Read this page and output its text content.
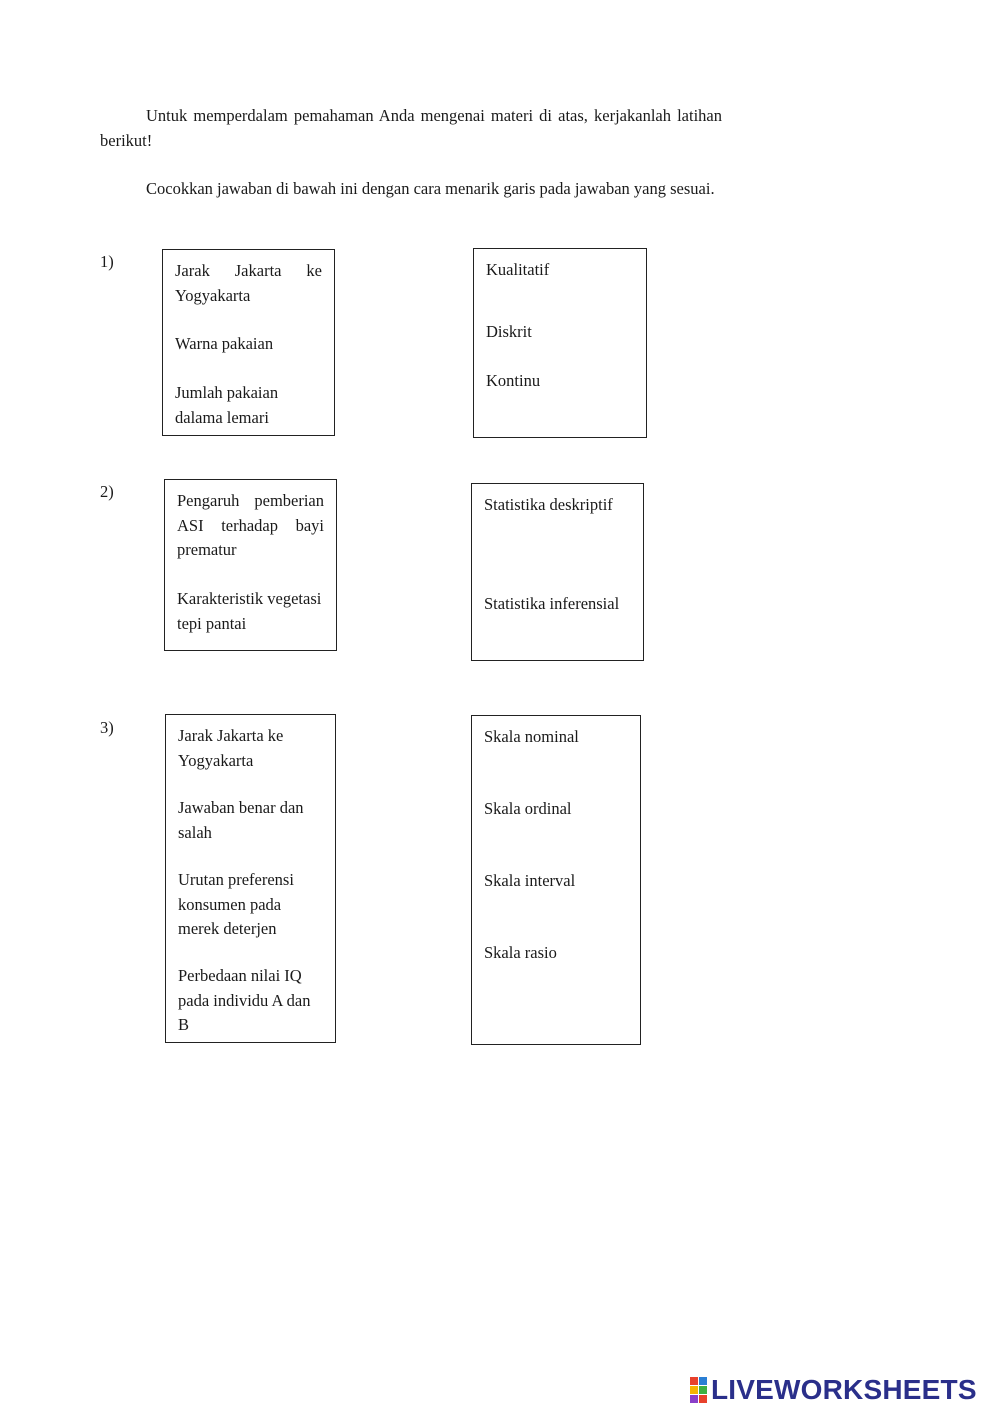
Untuk memperdalam pemahaman Anda mengenai materi di atas, kerjakanlah latihan berikut!
Cocokkan jawaban di bawah ini dengan cara menarik garis pada jawaban yang sesuai.
1)	Jarak Jakarta ke Yogyakarta
Warna pakaian
Jumlah pakaian dalama lemari
Kualitatif
Diskrit
Kontinu
2)	Pengaruh pemberian ASI terhadap bayi prematur
Karakteristik vegetasi tepi pantai
Statistika deskriptif
Statistika inferensial
3)	Jarak Jakarta ke Yogyakarta
Jawaban benar dan salah
Urutan preferensi konsumen pada merek deterjen
Perbedaan nilai IQ pada individu A dan B
Skala nominal
Skala ordinal
Skala interval
Skala rasio
LIVEWORKSHEETS
